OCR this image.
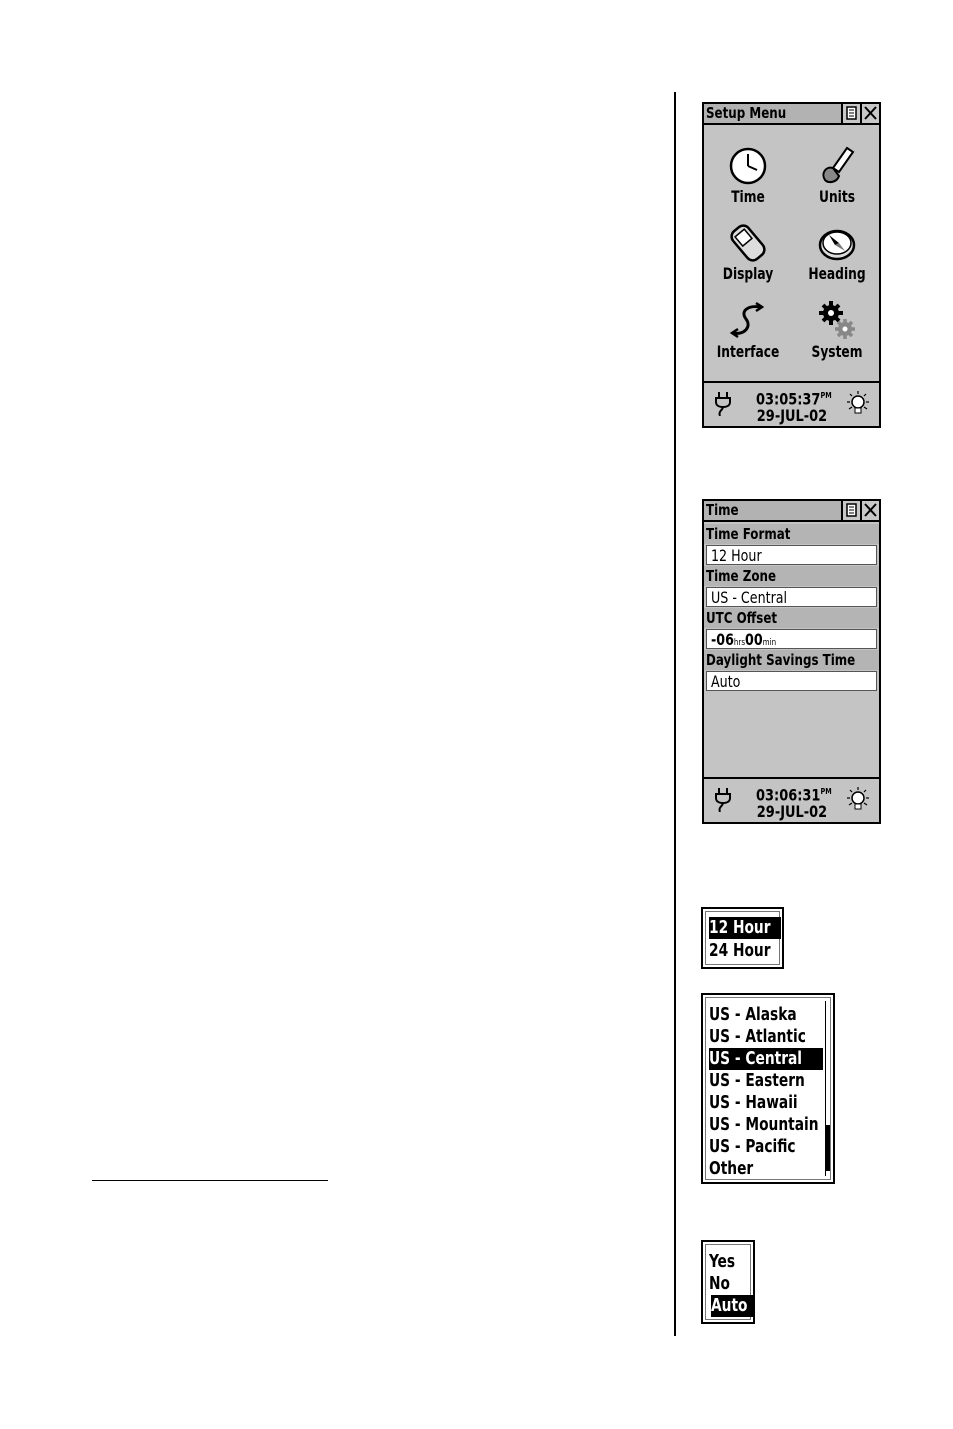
Setup Menu
Time	Units
Display	Heading
Interface	System
$03:05:37^{PM}$
29-JUL-02
Time
Time Format
12 Hour
Time Zone
US - Central
UTC Offset
-06hrs00min
Daylight Savings Time
Auto
$03:06:31^{PM}$
29-JUL-02
12 Hour
24 Hour
US - Alaska
US - Atlantic
US - Central
US - Eastern
US - Hawaii
US - Mountain
US - Pacific
Other
Yes
No
Auto
